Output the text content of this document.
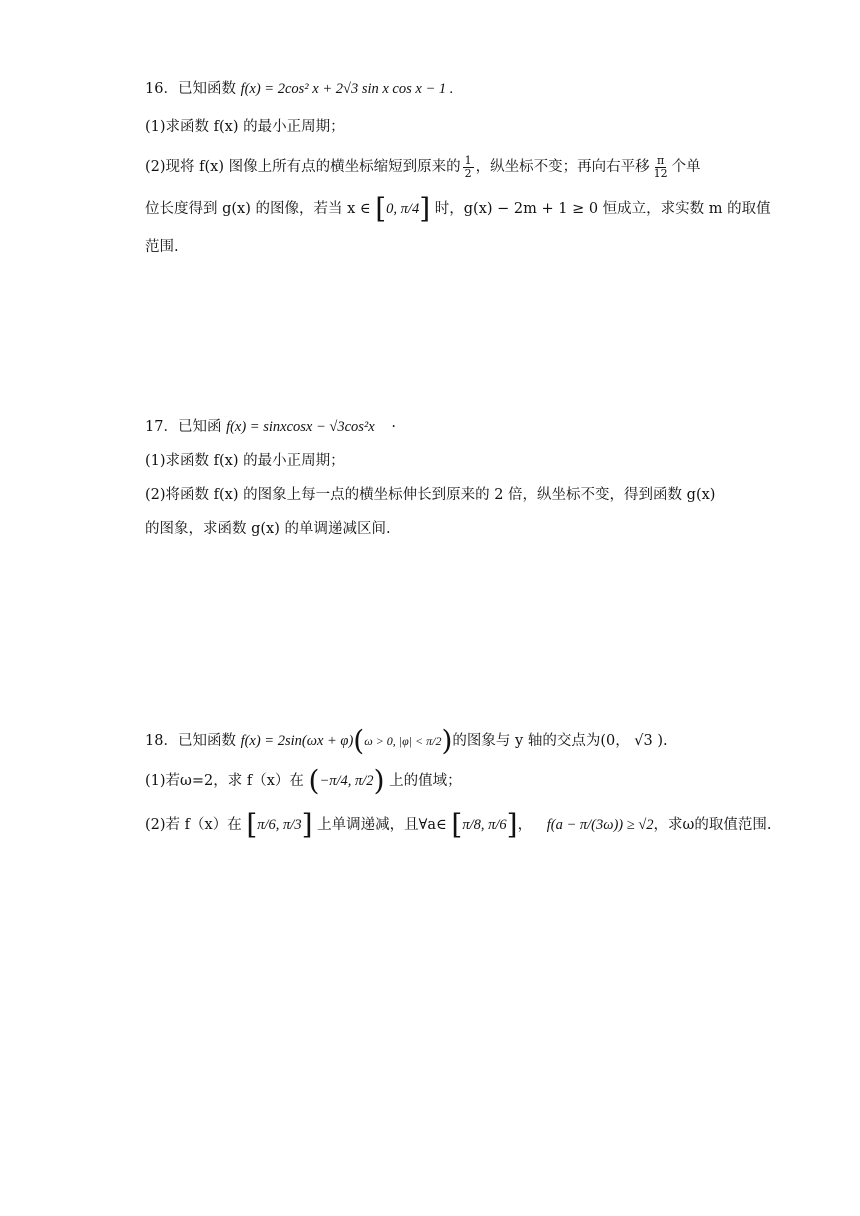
16．已知函数 f(x) = 2cos² x + 2√3 sin x cos x − 1 .
(1)求函数 f(x) 的最小正周期；
(2)现将 f(x) 图像上所有点的横坐标缩短到原来的 $\frac{1}{2}$ ，纵坐标不变；再向右平移 $\frac{\pi}{12}$ 个单
位长度得到 g(x) 的图像，若当 x ∈ [0, π/4] 时，g(x) − 2m + 1 ≥ 0 恒成立，求实数 m 的取值
范围.
17．已知函 f(x) = sinxcosx − √3cos²x ·
(1)求函数 f(x) 的最小正周期；
(2)将函数 f(x) 的图象上每一点的横坐标伸长到原来的 2 倍，纵坐标不变，得到函数 g(x)
的图象，求函数 g(x) 的单调递减区间.
18．已知函数 f(x) = 2sin(ωx + φ)(ω > 0, |φ| < π/2)的图象与 y 轴的交点为(0， √3 ).
(1)若ω=2，求 f（x）在 (−π/4, π/2) 上的值域；
(2)若 f（x）在 [π/6, π/3] 上单调递减，且∀a∈ [π/8, π/6]， f(a − π/(3ω)) ≥ √2，求ω的取值范围.
